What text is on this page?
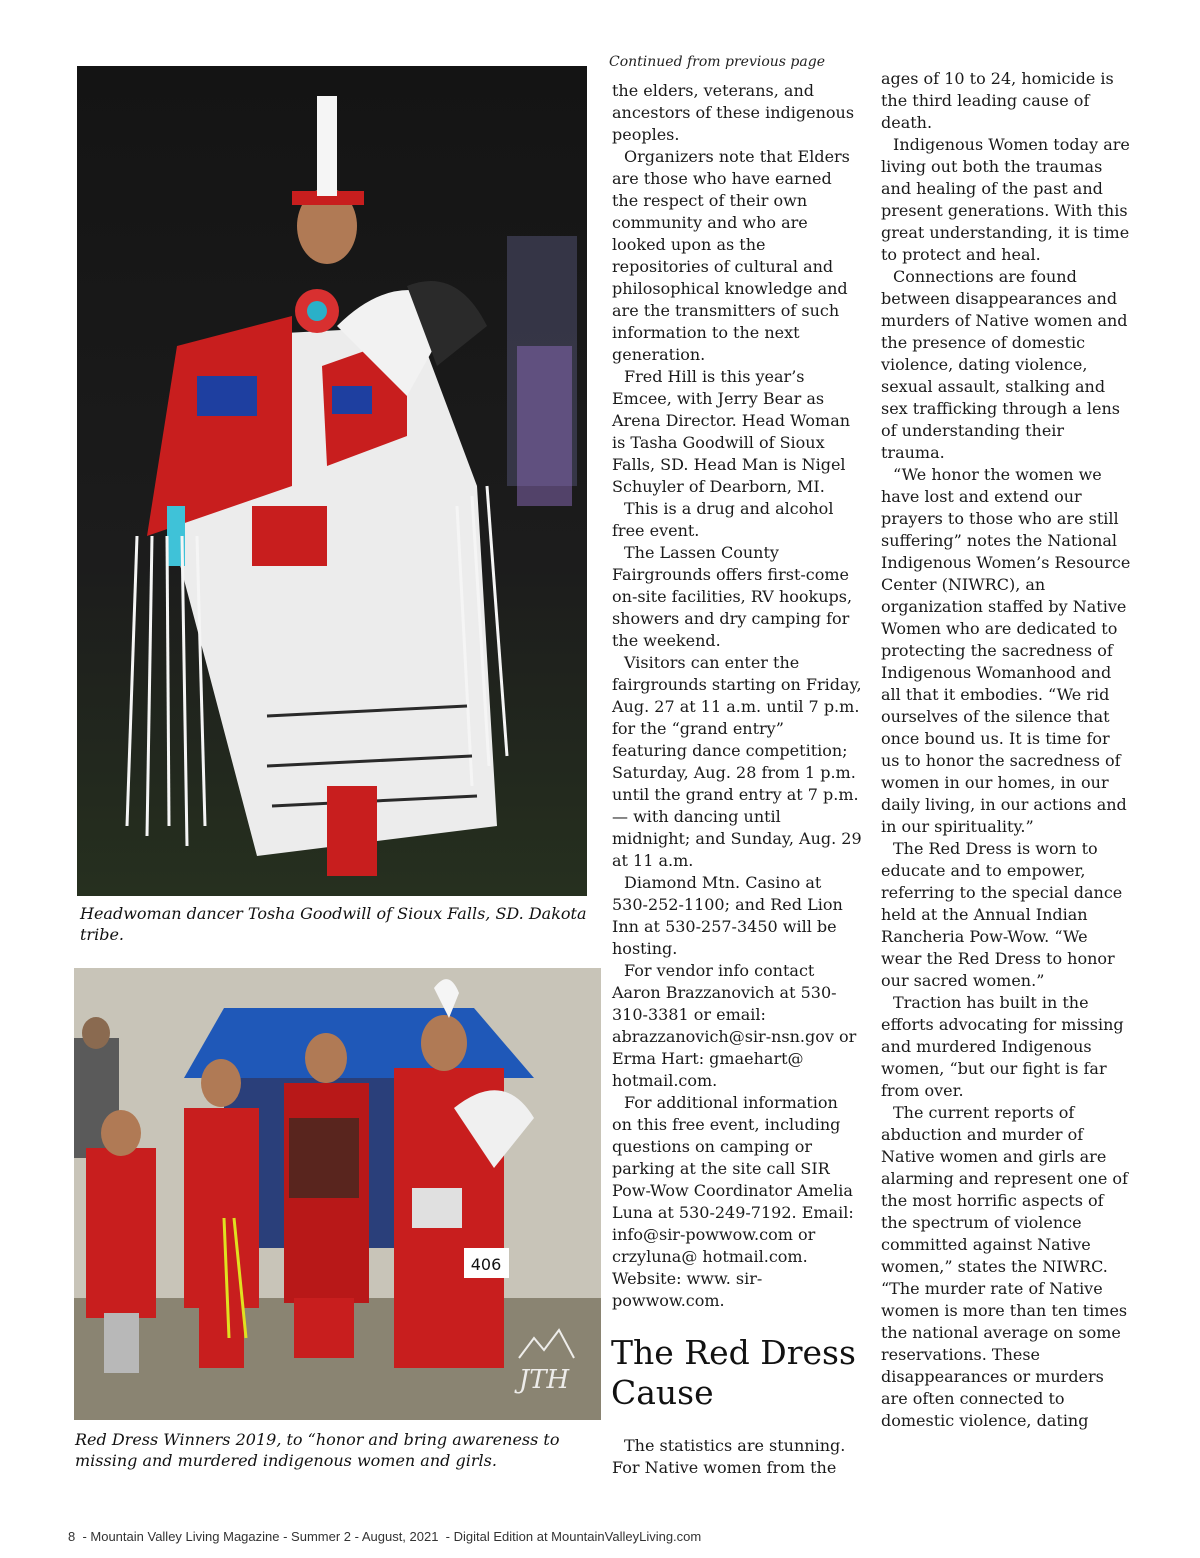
Headwoman dancer Tosha Goodwill of Sioux Falls, SD. Dakota tribe.
406
JTH
Red Dress Winners 2019, to “honor and bring awareness to missing and murdered indigenous women and girls.
Continued from previous page

the elders, veterans, and ancestors of these indigenous peoples.

Organizers note that Elders are those who have earned the respect of their own community and who are looked upon as the repositories of cultural and philosophical knowledge and are the transmitters of such information to the next generation.

Fred Hill is this year’s Emcee, with Jerry Bear as Arena Director. Head Woman is Tasha Goodwill of Sioux Falls, SD. Head Man is Nigel Schuyler of Dearborn, MI.

This is a drug and alcohol free event.

The Lassen County Fairgrounds offers first-come on-site facilities, RV hookups, showers and dry camping for the weekend.

Visitors can enter the fairgrounds starting on Friday, Aug. 27 at 11 a.m. until 7 p.m. for the “grand entry” featuring dance competition; Saturday, Aug. 28 from 1 p.m. until the grand entry at 7 p.m. — with dancing until midnight; and Sunday, Aug. 29 at 11 a.m.

Diamond Mtn. Casino at 530-252-1100; and Red Lion Inn at 530-257-3450 will be hosting.

For vendor info contact Aaron Brazzanovich at 530-310-3381 or email: abrazzanovich@sir-nsn.gov or Erma Hart: gmaehart@ hotmail.com.

For additional information on this free event, including questions on camping or parking at the site call SIR Pow-Wow Coordinator Amelia Luna at 530-249-7192. Email: info@sir-powwow.com or crzyluna@ hotmail.com. Website: www. sir-powwow.com.

The Red Dress Cause

The statistics are stunning. For Native women from the

ages of 10 to 24, homicide is the third leading cause of death.

Indigenous Women today are living out both the traumas and healing of the past and present generations. With this great understanding, it is time to protect and heal.

Connections are found between disappearances and murders of Native women and the presence of domestic violence, dating violence, sexual assault, stalking and sex trafficking through a lens of understanding their trauma.

“We honor the women we have lost and extend our prayers to those who are still suffering” notes the National Indigenous Women’s Resource Center (NIWRC), an organization staffed by Native Women who are dedicated to protecting the sacredness of Indigenous Womanhood and all that it embodies. “We rid ourselves of the silence that once bound us. It is time for us to honor the sacredness of women in our homes, in our daily living, in our actions and in our spirituality.”

The Red Dress is worn to educate and to empower, referring to the special dance held at the Annual Indian Rancheria Pow-Wow. “We wear the Red Dress to honor our sacred women.”

Traction has built in the efforts advocating for missing and murdered Indigenous women, “but our fight is far from over.

The current reports of abduction and murder of Native women and girls are alarming and represent one of the most horrific aspects of the spectrum of violence committed against Native women,” states the NIWRC. “The murder rate of Native women is more than ten times the national average on some reservations. These disappearances or murders are often connected to domestic violence, dating

8  - Mountain Valley Living Magazine - Summer 2 - August, 2021  - Digital Edition at MountainValleyLiving.com
